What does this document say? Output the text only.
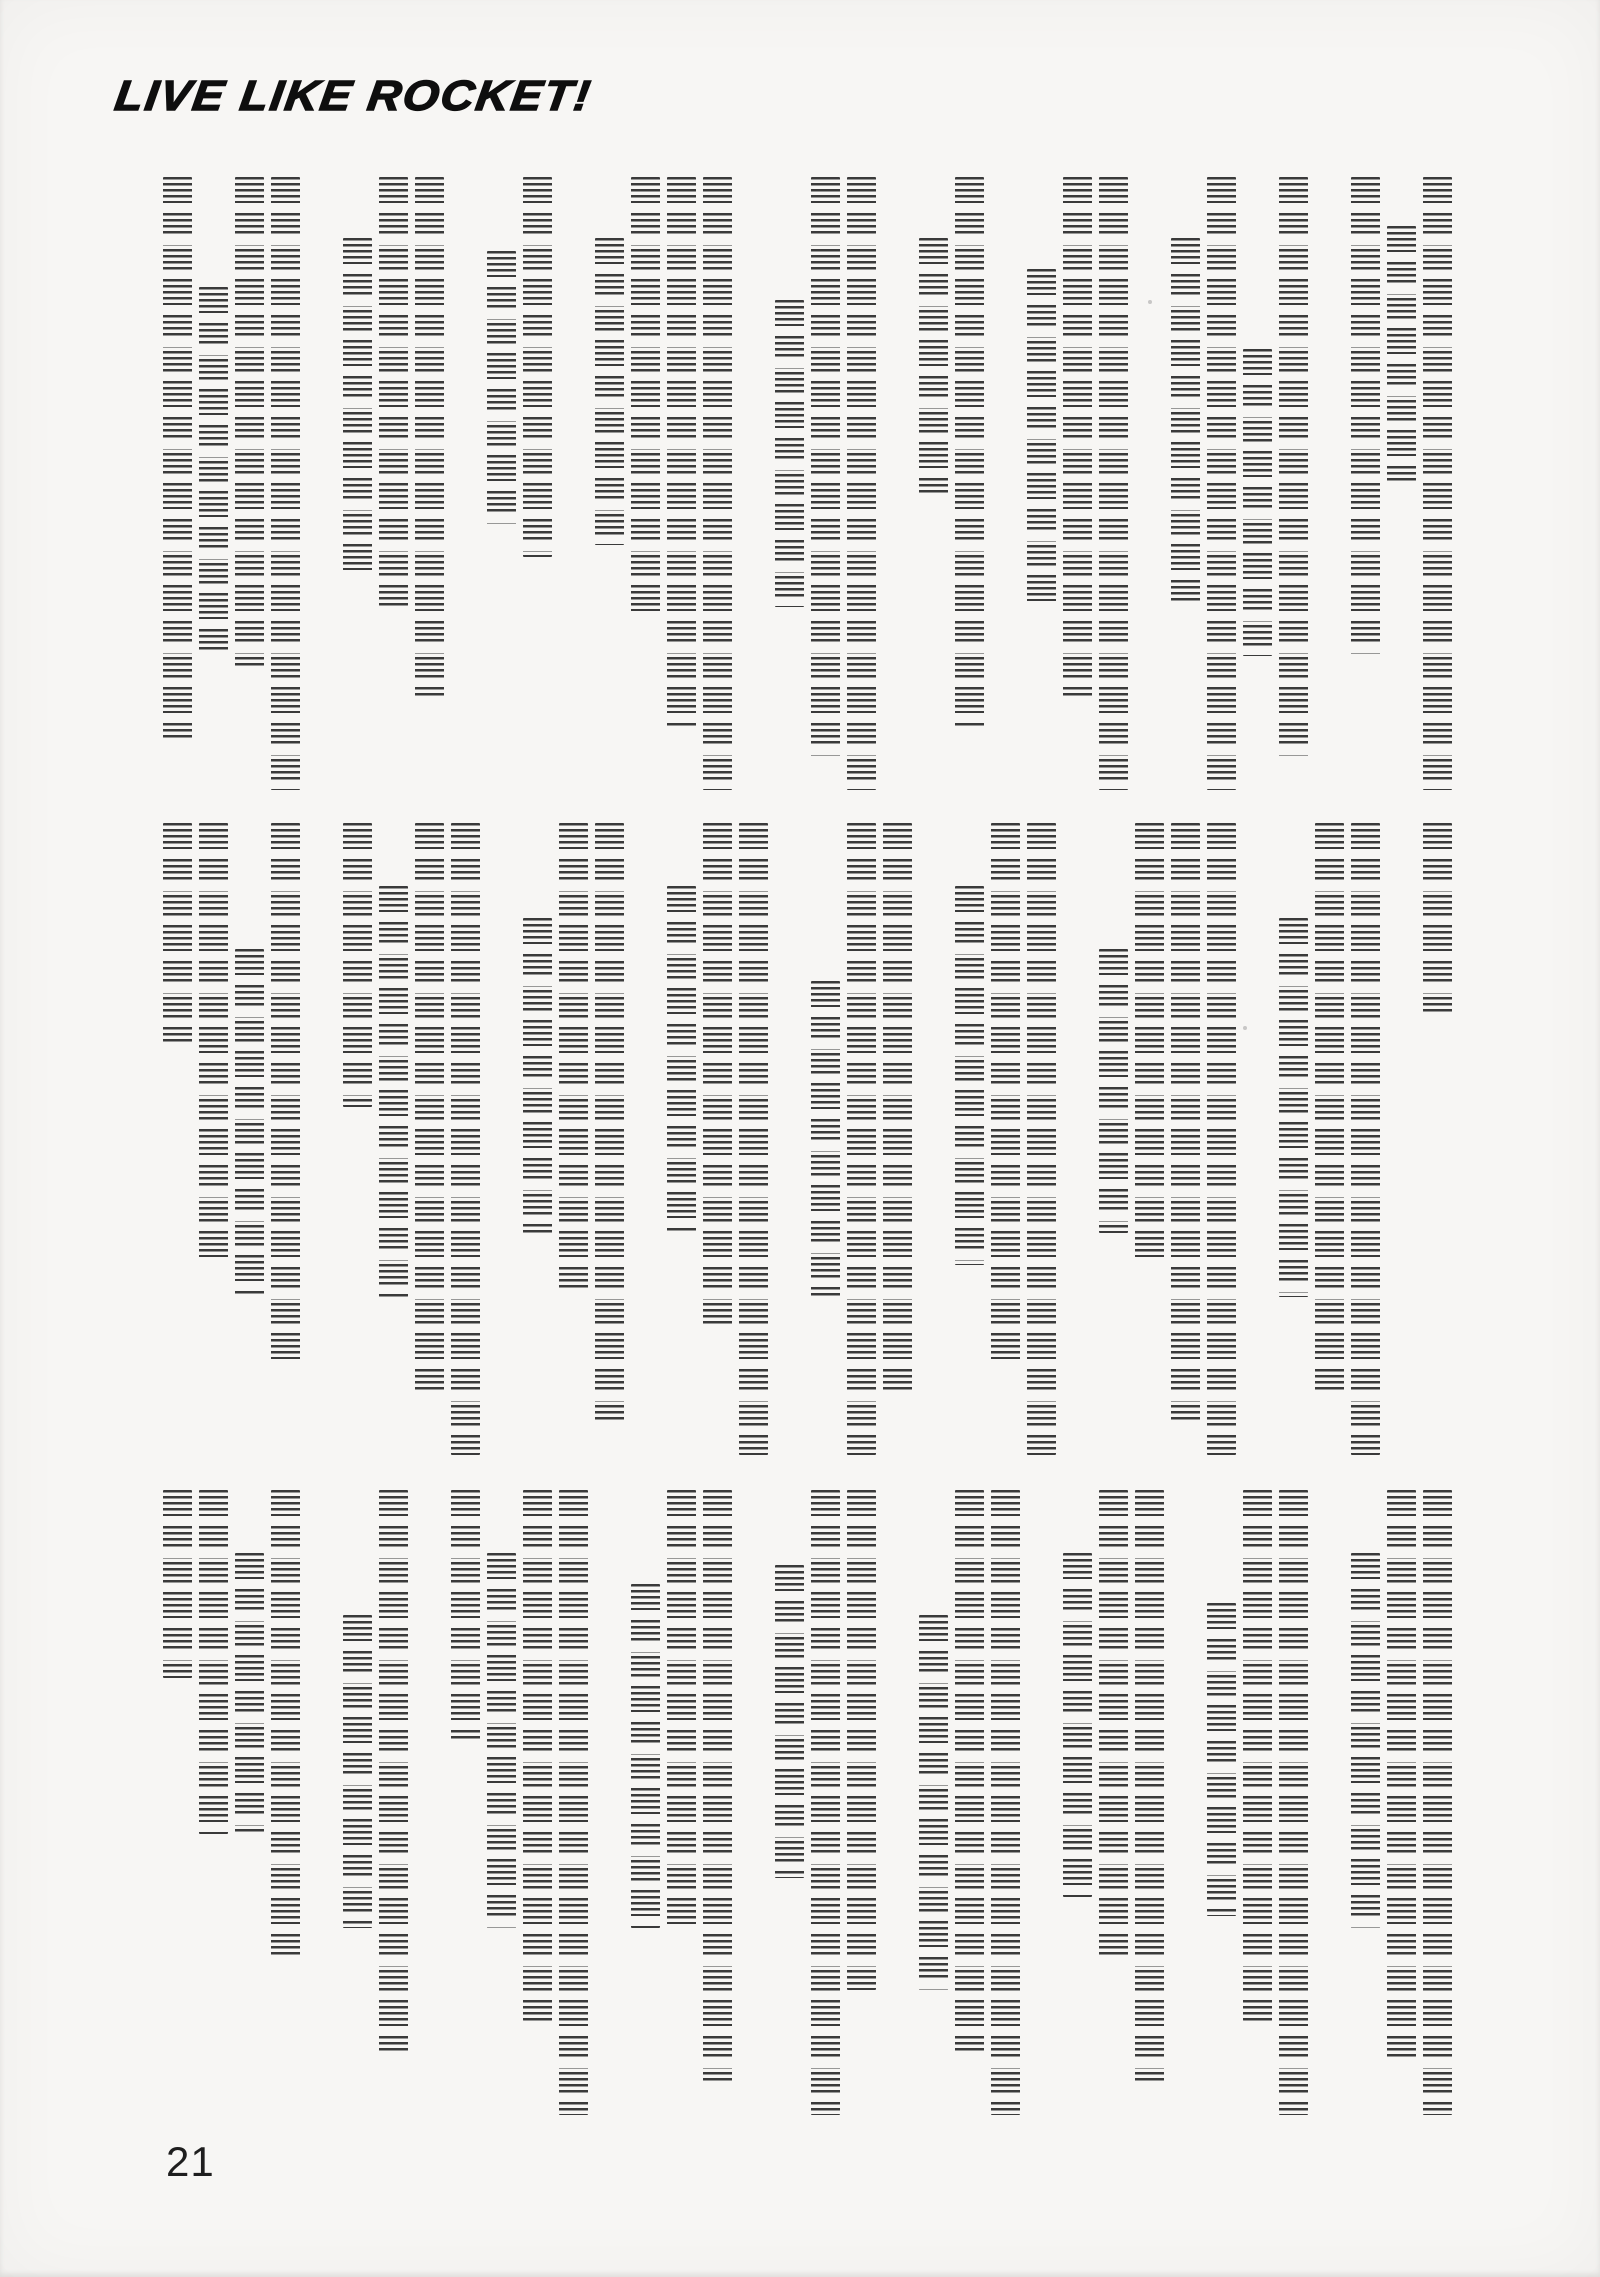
LIVE LIKE ROCKET!
21
